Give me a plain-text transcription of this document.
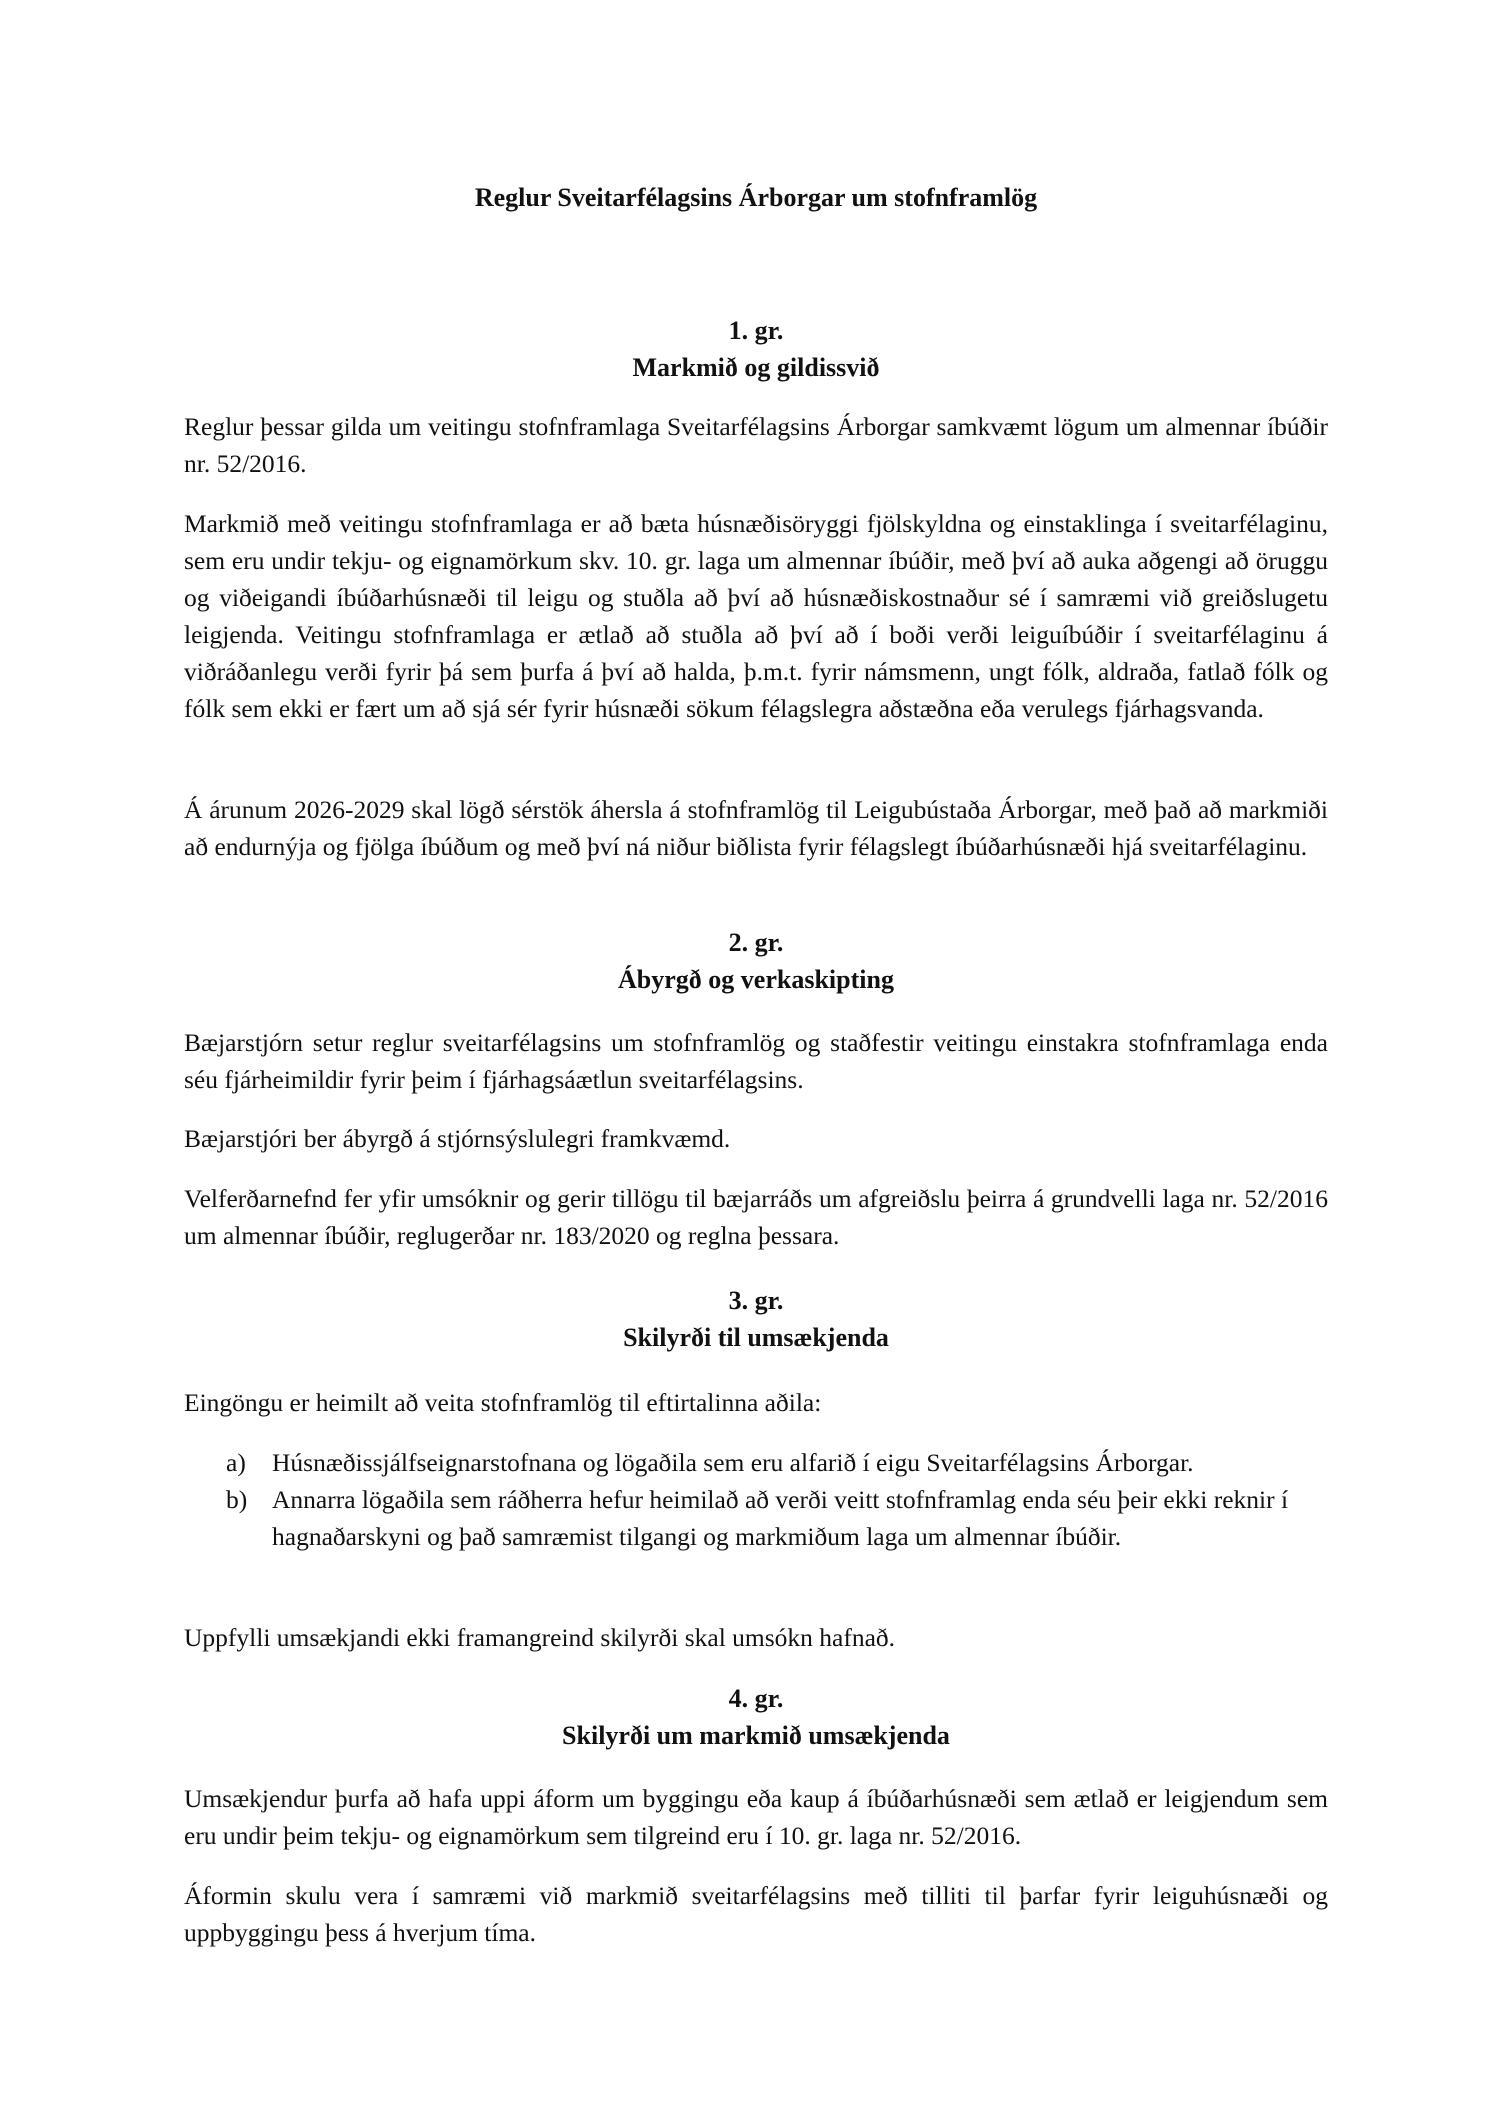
Reglur Sveitarfélagsins Árborgar um stofnframlög
1. gr.
Markmið og gildissvið
Reglur þessar gilda um veitingu stofnframlaga Sveitarfélagsins Árborgar samkvæmt lögum um almennar íbúðir nr. 52/2016.
Markmið með veitingu stofnframlaga er að bæta húsnæðisöryggi fjölskyldna og einstaklinga í sveitarfélaginu, sem eru undir tekju- og eignamörkum skv. 10. gr. laga um almennar íbúðir, með því að auka aðgengi að öruggu og viðeigandi íbúðarhúsnæði til leigu og stuðla að því að húsnæðiskostnaður sé í samræmi við greiðslugetu leigjenda. Veitingu stofnframlaga er ætlað að stuðla að því að í boði verði leiguíbúðir í sveitarfélaginu á viðráðanlegu verði fyrir þá sem þurfa á því að halda, þ.m.t. fyrir námsmenn, ungt fólk, aldraða, fatlað fólk og fólk sem ekki er fært um að sjá sér fyrir húsnæði sökum félagslegra aðstæðna eða verulegs fjárhagsvanda.
Á árunum 2026-2029 skal lögð sérstök áhersla á stofnframlög til Leigubústaða Árborgar, með það að markmiði að endurnýja og fjölga íbúðum og með því ná niður biðlista fyrir félagslegt íbúðarhúsnæði hjá sveitarfélaginu.
2. gr.
Ábyrgð og verkaskipting
Bæjarstjórn setur reglur sveitarfélagsins um stofnframlög og staðfestir veitingu einstakra stofnframlaga enda séu fjárheimildir fyrir þeim í fjárhagsáætlun sveitarfélagsins.
Bæjarstjóri ber ábyrgð á stjórnsýslulegri framkvæmd.
Velferðarnefnd fer yfir umsóknir og gerir tillögu til bæjarráðs um afgreiðslu þeirra á grundvelli laga nr. 52/2016 um almennar íbúðir, reglugerðar nr. 183/2020 og reglna þessara.
3. gr.
Skilyrði til umsækjenda
Eingöngu er heimilt að veita stofnframlög til eftirtalinna aðila:
a) Húsnæðissjálfseignarstofnana og lögaðila sem eru alfarið í eigu Sveitarfélagsins Árborgar.
b) Annarra lögaðila sem ráðherra hefur heimilað að verði veitt stofnframlag enda séu þeir ekki reknir í hagnaðarskyni og það samræmist tilgangi og markmiðum laga um almennar íbúðir.
Uppfylli umsækjandi ekki framangreind skilyrði skal umsókn hafnað.
4. gr.
Skilyrði um markmið umsækjenda
Umsækjendur þurfa að hafa uppi áform um byggingu eða kaup á íbúðarhúsnæði sem ætlað er leigjendum sem eru undir þeim tekju- og eignamörkum sem tilgreind eru í 10. gr. laga nr. 52/2016.
Áformin skulu vera í samræmi við markmið sveitarfélagsins með tilliti til þarfar fyrir leiguhúsnæði og uppbyggingu þess á hverjum tíma.
